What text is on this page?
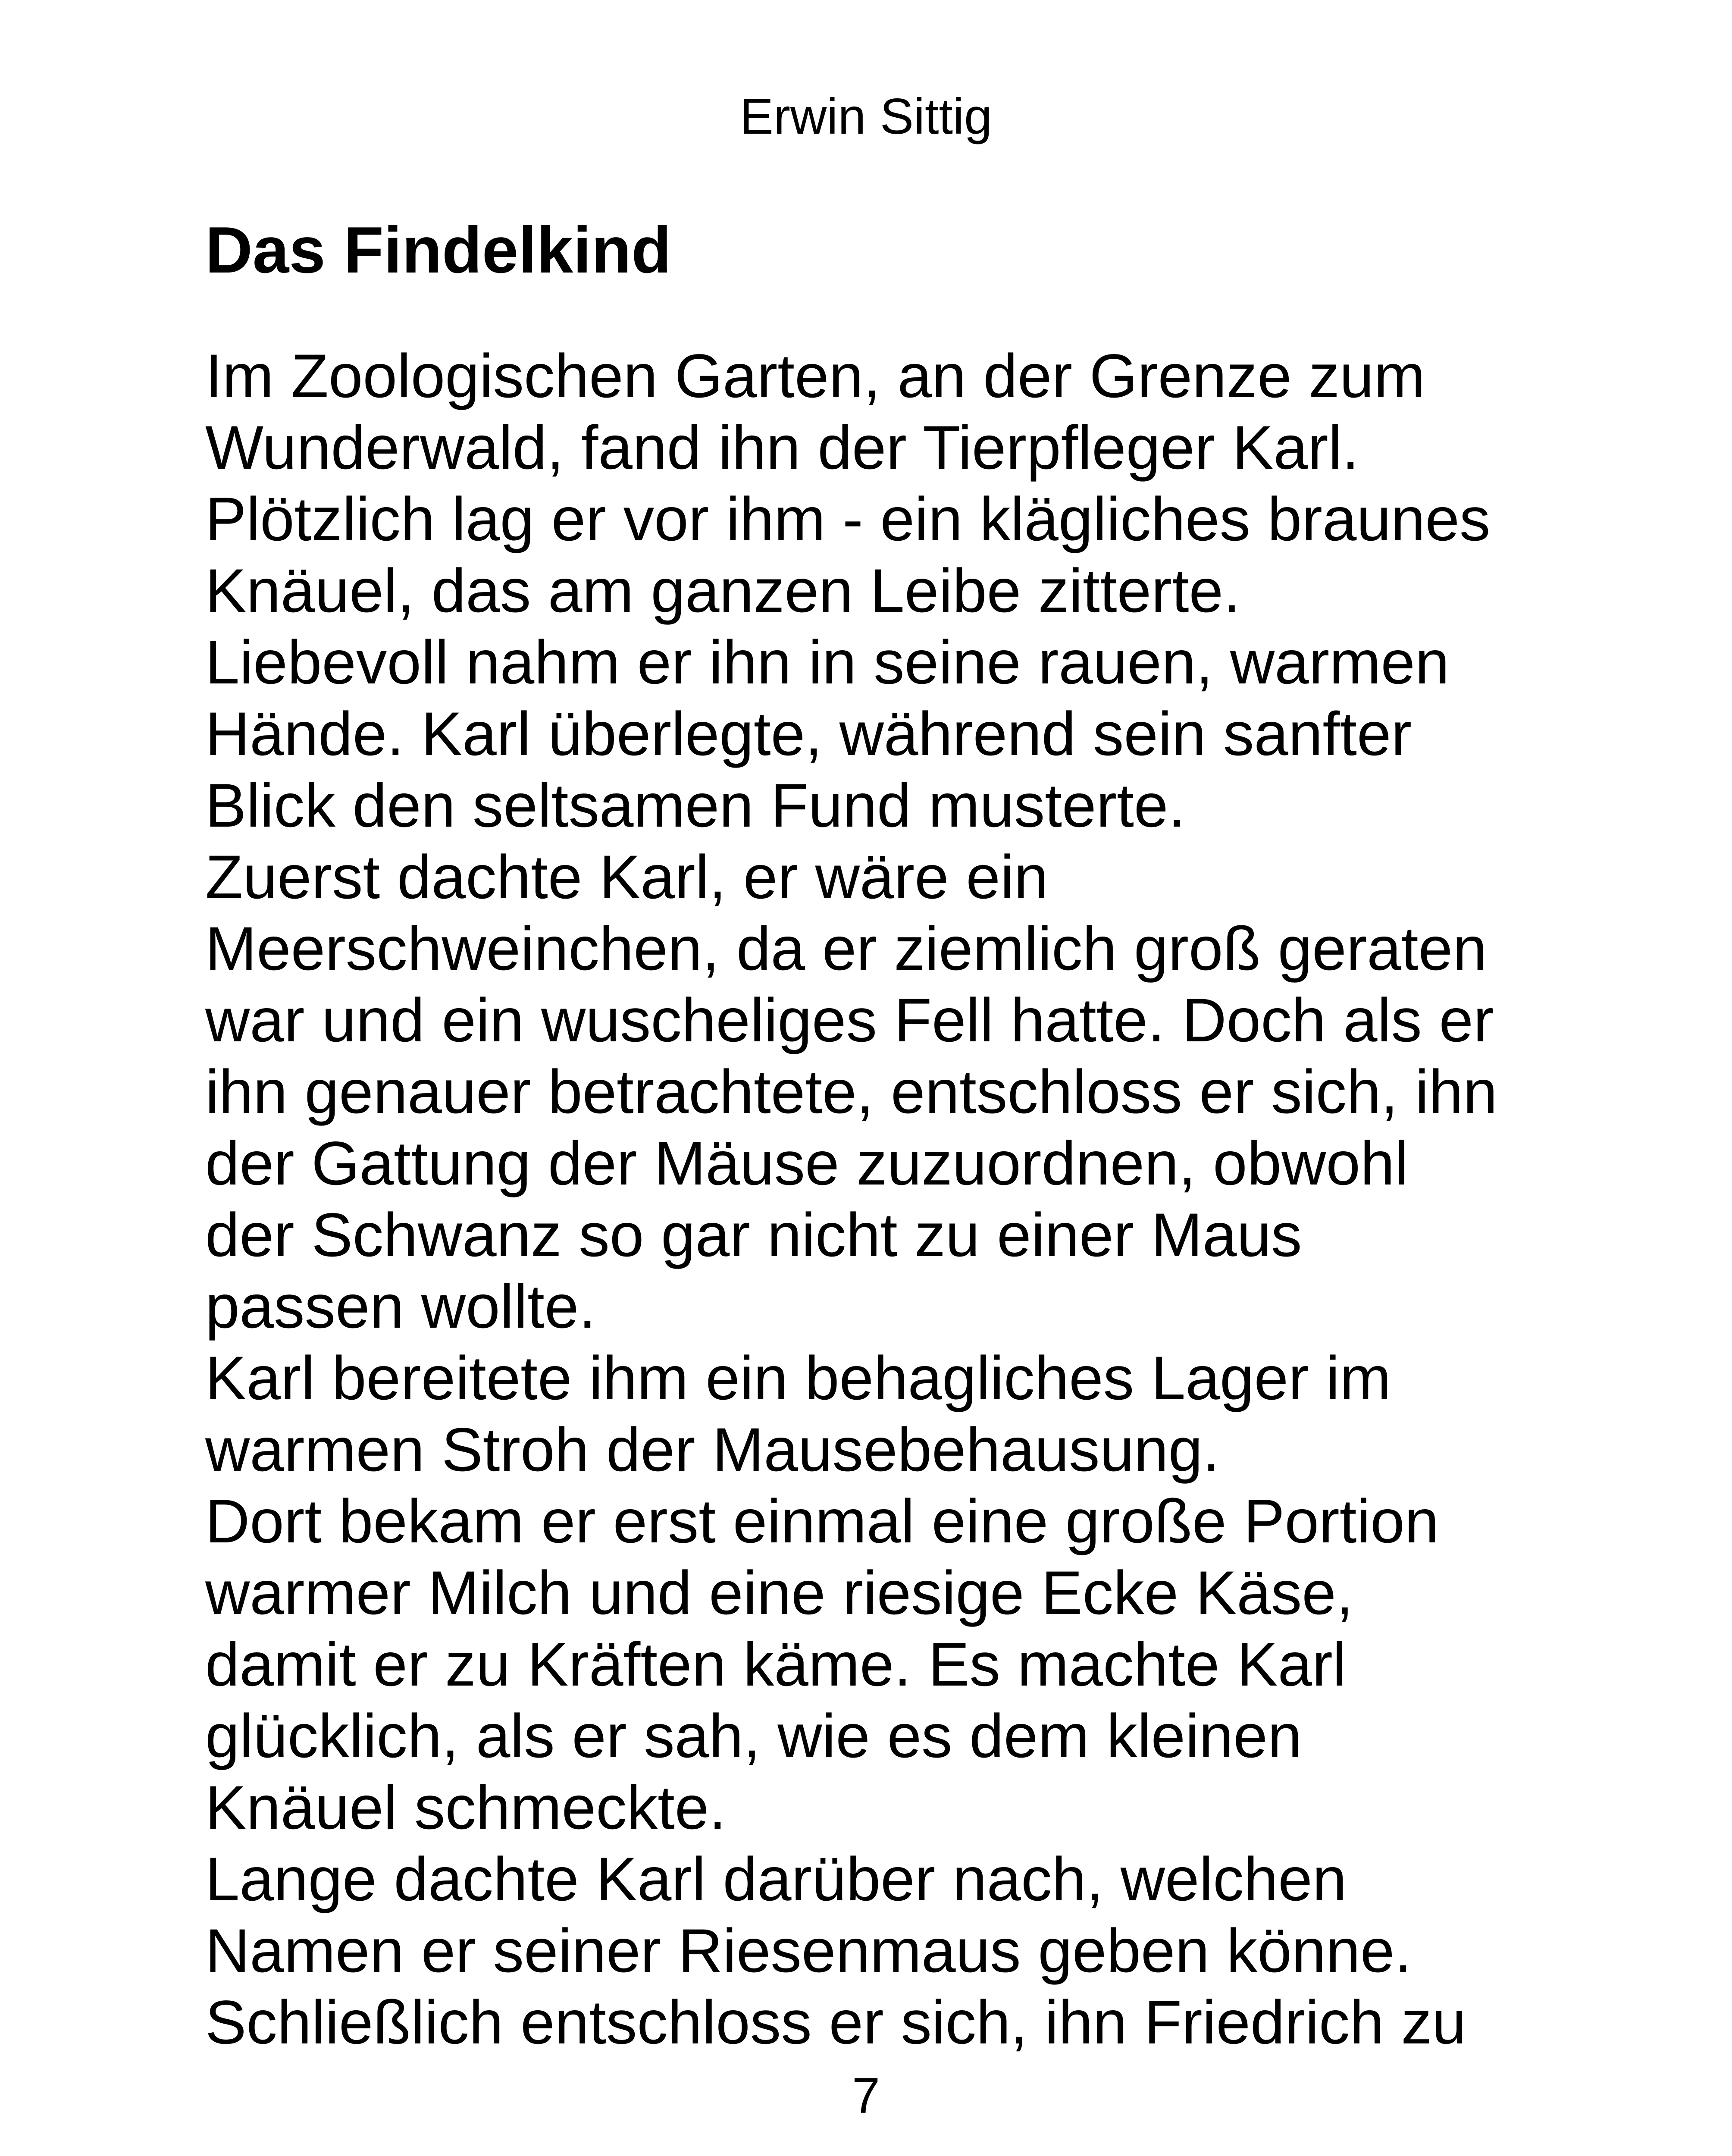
Erwin Sittig
Das Findelkind
Im Zoologischen Garten, an der Grenze zum
Wunderwald, fand ihn der Tierpfleger Karl.
Plötzlich lag er vor ihm - ein klägliches braunes
Knäuel, das am ganzen Leibe zitterte.
Liebevoll nahm er ihn in seine rauen, warmen
Hände. Karl überlegte, während sein sanfter
Blick den seltsamen Fund musterte.
Zuerst dachte Karl, er wäre ein
Meerschweinchen, da er ziemlich groß geraten
war und ein wuscheliges Fell hatte. Doch als er
ihn genauer betrachtete, entschloss er sich, ihn
der Gattung der Mäuse zuzuordnen, obwohl
der Schwanz so gar nicht zu einer Maus
passen wollte.
Karl bereitete ihm ein behagliches Lager im
warmen Stroh der Mausebehausung.
Dort bekam er erst einmal eine große Portion
warmer Milch und eine riesige Ecke Käse,
damit er zu Kräften käme. Es machte Karl
glücklich, als er sah, wie es dem kleinen
Knäuel schmeckte.
Lange dachte Karl darüber nach, welchen
Namen er seiner Riesenmaus geben könne.
Schließlich entschloss er sich, ihn Friedrich zu
7
